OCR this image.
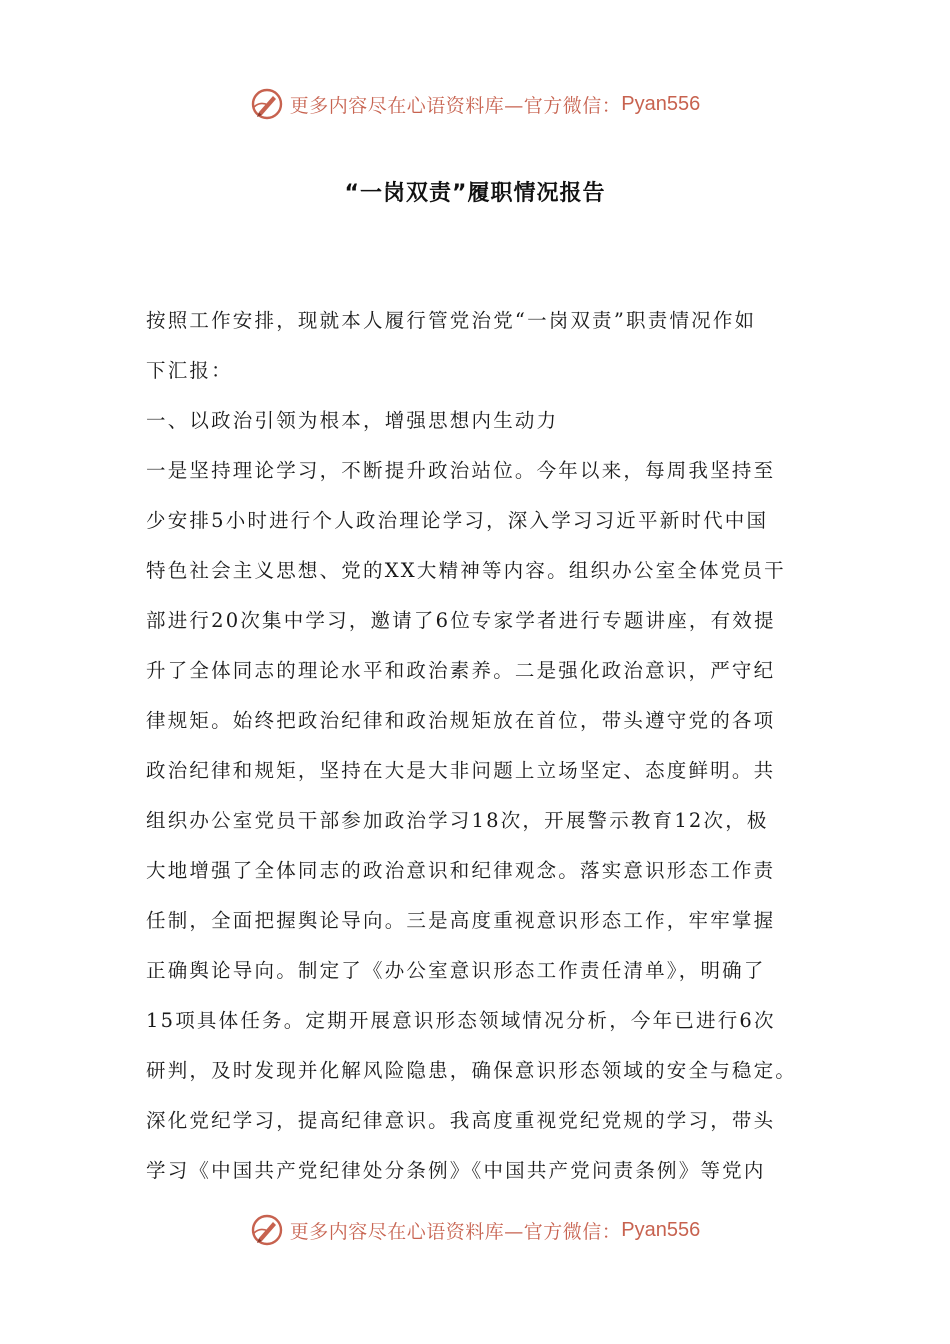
更多内容尽在心语资料库—官方微信： Pyan556
“一岗双责”履职情况报告
按照工作安排，现就本人履行管党治党“一岗双责”职责情况作如
下汇报：
一、以政治引领为根本，增强思想内生动力
一是坚持理论学习，不断提升政治站位。今年以来，每周我坚持至
少安排5小时进行个人政治理论学习，深入学习习近平新时代中国
特色社会主义思想、党的XX大精神等内容。组织办公室全体党员干
部进行20次集中学习，邀请了6位专家学者进行专题讲座，有效提
升了全体同志的理论水平和政治素养。二是强化政治意识，严守纪
律规矩。始终把政治纪律和政治规矩放在首位，带头遵守党的各项
政治纪律和规矩，坚持在大是大非问题上立场坚定、态度鲜明。共
组织办公室党员干部参加政治学习18次，开展警示教育12次，极
大地增强了全体同志的政治意识和纪律观念。落实意识形态工作责
任制，全面把握舆论导向。三是高度重视意识形态工作，牢牢掌握
正确舆论导向。制定了《办公室意识形态工作责任清单》，明确了
15项具体任务。定期开展意识形态领域情况分析，今年已进行6次
研判，及时发现并化解风险隐患，确保意识形态领域的安全与稳定。
深化党纪学习，提高纪律意识。我高度重视党纪党规的学习，带头
学习《中国共产党纪律处分条例》《中国共产党问责条例》等党内
更多内容尽在心语资料库—官方微信： Pyan556
